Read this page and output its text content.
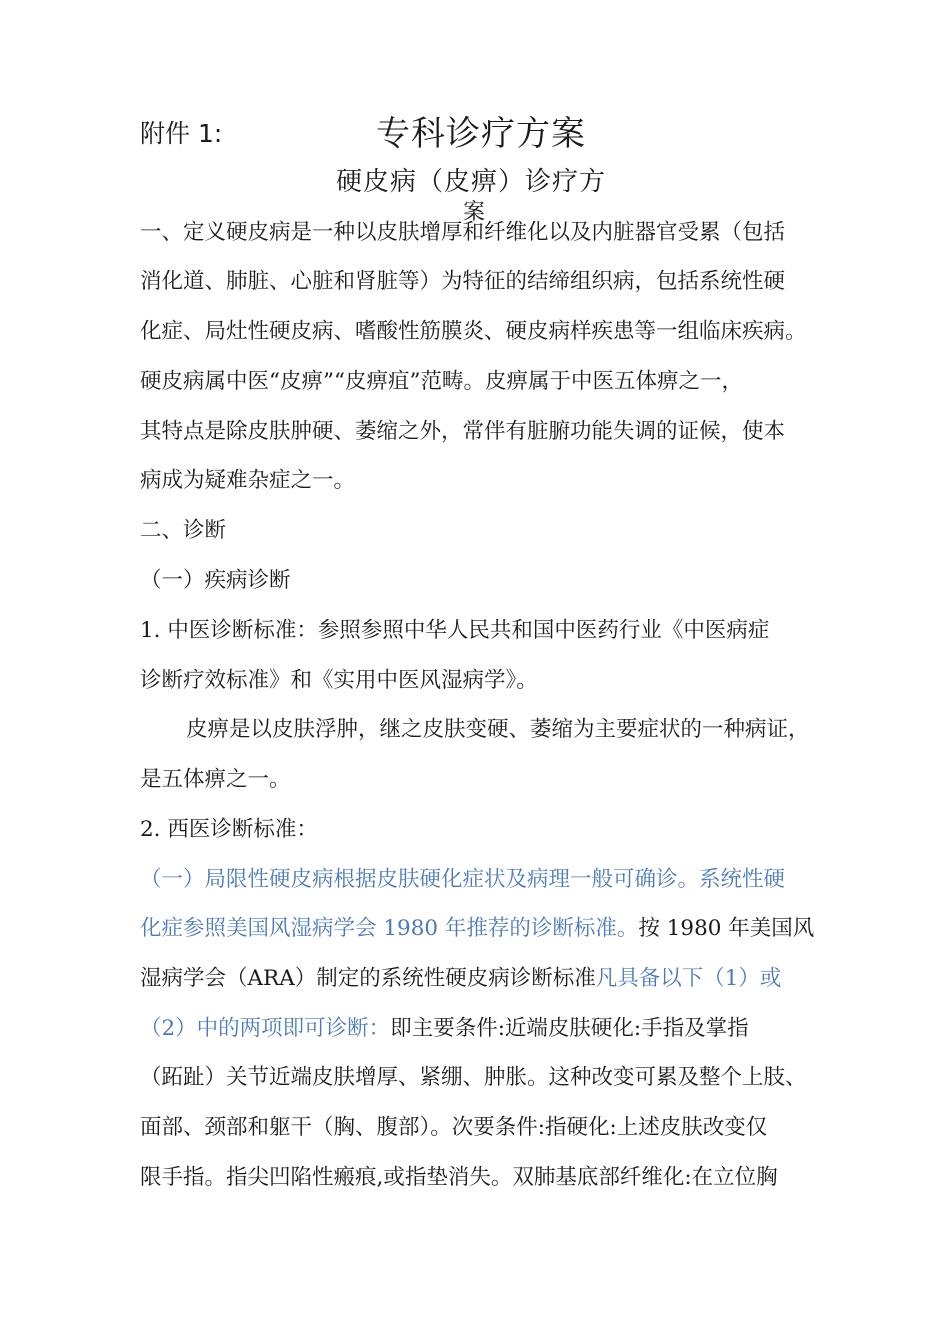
附件 1:	专科诊疗方案
硬皮病（皮痹）诊疗方
案
一、定义硬皮病是一种以皮肤增厚和纤维化以及内脏器官受累（包括
消化道、肺脏、心脏和肾脏等）为特征的结缔组织病，包括系统性硬
化症、局灶性硬皮病、嗜酸性筋膜炎、硬皮病样疾患等一组临床疾病。
硬皮病属中医“皮痹”“皮痹疽”范畴。皮痹属于中医五体痹之一，
其特点是除皮肤肿硬、萎缩之外，常伴有脏腑功能失调的证候，使本
病成为疑难杂症之一。
二、诊断
（一）疾病诊断
1. 中医诊断标准：参照参照中华人民共和国中医药行业《中医病症
诊断疗效标准》和《实用中医风湿病学》。
皮痹是以皮肤浮肿，继之皮肤变硬、萎缩为主要症状的一种病证，
是五体痹之一。
2. 西医诊断标准：
（一）局限性硬皮病根据皮肤硬化症状及病理一般可确诊。系统性硬
化症参照美国风湿病学会 1980 年推荐的诊断标准。按 1980 年美国风
湿病学会（ARA）制定的系统性硬皮病诊断标准凡具备以下（1）或
（2）中的两项即可诊断：即主要条件:近端皮肤硬化:手指及掌指
（跖趾）关节近端皮肤增厚、紧绷、肿胀。这种改变可累及整个上肢、
面部、颈部和躯干（胸、腹部）。次要条件:指硬化:上述皮肤改变仅
限手指。指尖凹陷性瘢痕,或指垫消失。双肺基底部纤维化:在立位胸
